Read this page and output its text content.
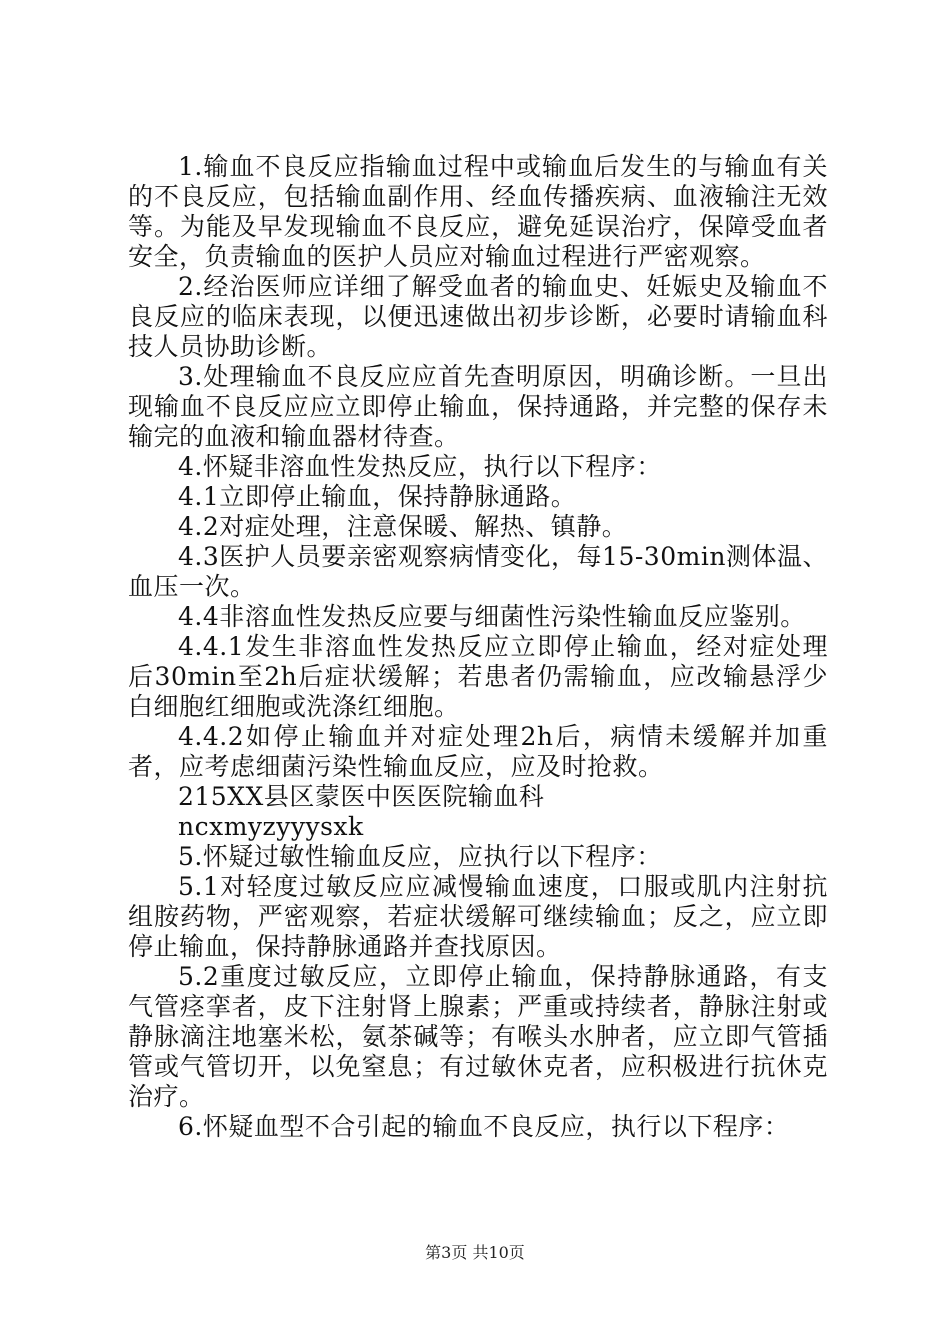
1.输血不良反应指输血过程中或输血后发生的与输血有关的不良反应，包括输血副作用、经血传播疾病、血液输注无效等。为能及早发现输血不良反应，避免延误治疗，保障受血者安全，负责输血的医护人员应对输血过程进行严密观察。

2.经治医师应详细了解受血者的输血史、妊娠史及输血不良反应的临床表现，以便迅速做出初步诊断，必要时请输血科技人员协助诊断。

3.处理输血不良反应应首先查明原因，明确诊断。一旦出现输血不良反应应立即停止输血，保持通路，并完整的保存未输完的血液和输血器材待查。

4.怀疑非溶血性发热反应，执行以下程序：

4.1立即停止输血，保持静脉通路。

4.2对症处理，注意保暖、解热、镇静。

4.3医护人员要亲密观察病情变化，每15-30min测体温、血压一次。

4.4非溶血性发热反应要与细菌性污染性输血反应鉴别。

4.4.1发生非溶血性发热反应立即停止输血，经对症处理后30min至2h后症状缓解；若患者仍需输血，应改输悬浮少白细胞红细胞或洗涤红细胞。

4.4.2如停止输血并对症处理2h后，病情未缓解并加重者，应考虑细菌污染性输血反应，应及时抢救。

215XX县区蒙医中医医院输血科

ncxmyzyyysxk

5.怀疑过敏性输血反应，应执行以下程序：

5.1对轻度过敏反应应减慢输血速度，口服或肌内注射抗组胺药物，严密观察，若症状缓解可继续输血；反之，应立即停止输血，保持静脉通路并查找原因。

5.2重度过敏反应，立即停止输血，保持静脉通路，有支气管痉挛者，皮下注射肾上腺素；严重或持续者，静脉注射或静脉滴注地塞米松，氨茶碱等；有喉头水肿者，应立即气管插管或气管切开，以免窒息；有过敏休克者，应积极进行抗休克治疗。

6.怀疑血型不合引起的输血不良反应，执行以下程序：

第3页 共10页
